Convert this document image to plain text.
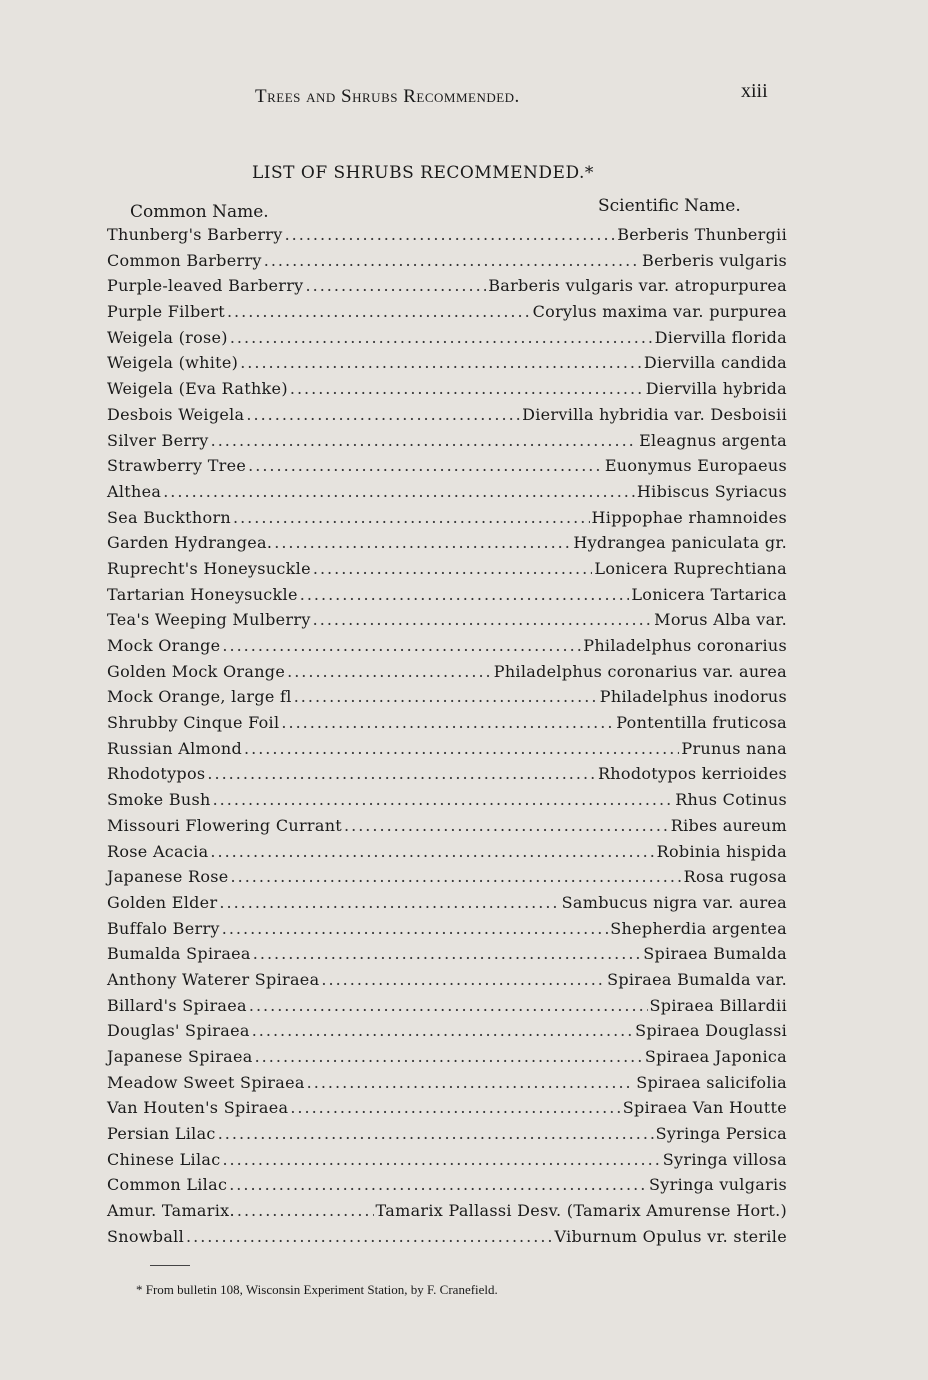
Trees and Shrubs Recommended.	xiii
LIST OF SHRUBS RECOMMENDED.*
Common Name.	Scientific Name.
Thunberg's Barberry .....	Berberis Thunbergii
Common Barberry .....	Berberis vulgaris
Purple-leaved Barberry .....	Barberis vulgaris var. atropurpurea
Purple Filbert .....	Corylus maxima var. purpurea
Weigela (rose) .....	Diervilla florida
Weigela (white) .....	Diervilla candida
Weigela (Eva Rathke) .....	Diervilla hybrida
Desbois Weigela .....	Diervilla hybridia var. Desboisii
Silver Berry .....	Eleagnus argenta
Strawberry Tree .....	Euonymus Europaeus
Althea .....	Hibiscus Syriacus
Sea Buckthorn .....	Hippophae rhamnoides
Garden Hydrangea. .....	Hydrangea paniculata gr.
Ruprecht's Honeysuckle .....	Lonicera Ruprechtiana
Tartarian Honeysuckle .....	Lonicera Tartarica
Tea's Weeping Mulberry .....	Morus Alba var.
Mock Orange .....	Philadelphus coronarius
Golden Mock Orange .....	Philadelphus coronarius var. aurea
Mock Orange, large fl .....	Philadelphus inodorus
Shrubby Cinque Foil .....	Pontentilla fruticosa
Russian Almond .....	Prunus nana
Rhodotypos .....	Rhodotypos kerrioides
Smoke Bush .....	Rhus Cotinus
Missouri Flowering Currant .....	Ribes aureum
Rose Acacia .....	Robinia hispida
Japanese Rose .....	Rosa rugosa
Golden Elder .....	Sambucus nigra var. aurea
Buffalo Berry .....	Shepherdia argentea
Bumalda Spiraea .....	Spiraea Bumalda
Anthony Waterer Spiraea .....	Spiraea Bumalda var.
Billard's Spiraea .....	Spiraea Billardii
Douglas' Spiraea .....	Spiraea Douglassi
Japanese Spiraea .....	Spiraea Japonica
Meadow Sweet Spiraea .....	Spiraea salicifolia
Van Houten's Spiraea .....	Spiraea Van Houtte
Persian Lilac .....	Syringa Persica
Chinese Lilac .....	Syringa villosa
Common Lilac .....	Syringa vulgaris
Amur. Tamarix. .....	Tamarix Pallassi Desv. (Tamarix Amurense Hort.)
Snowball .....	Viburnum Opulus vr. sterile
* From bulletin 108, Wisconsin Experiment Station, by F. Cranefield.
